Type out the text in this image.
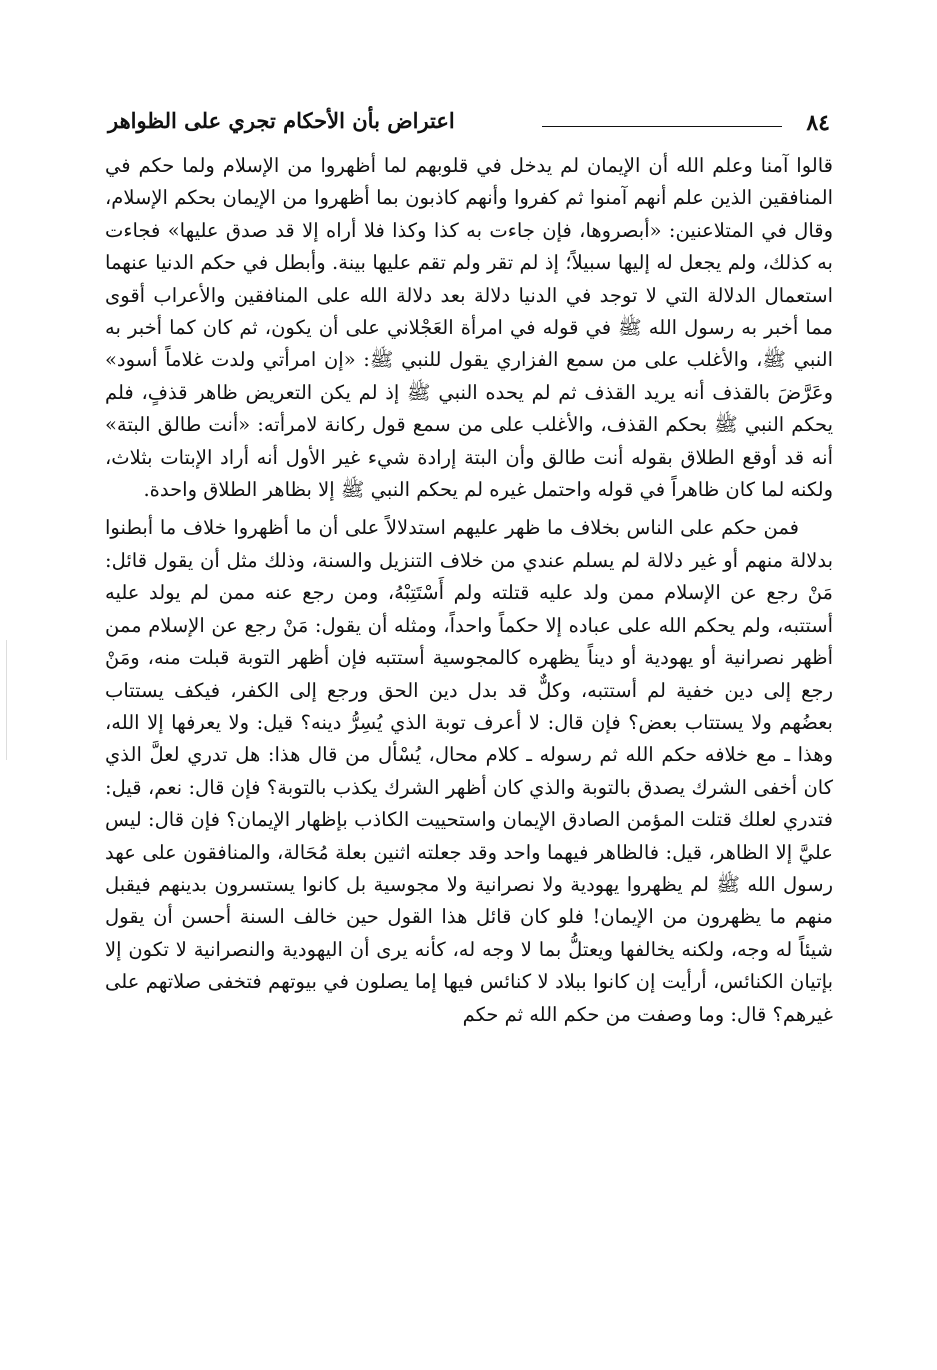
٨٤
اعتراض بأن الأحكام تجري على الظواهر

قالوا آمنا وعلم الله أن الإيمان لم يدخل في قلوبهم لما أظهروا من الإسلام ولما حكم في المنافقين الذين علم أنهم آمنوا ثم كفروا وأنهم كاذبون بما أظهروا من الإيمان بحكم الإسلام، وقال في المتلاعنين: «أبصروها، فإن جاءت به كذا وكذا فلا أراه إلا قد صدق عليها» فجاءت به كذلك، ولم يجعل له إليها سبيلاً؛ إذ لم تقر ولم تقم عليها بينة. وأبطل في حكم الدنيا عنهما استعمال الدلالة التي لا توجد في الدنيا دلالة بعد دلالة الله على المنافقين والأعراب أقوى مما أخبر به رسول الله ﷺ في قوله في امرأة العَجْلاني على أن يكون، ثم كان كما أخبر به النبي ﷺ، والأغلب على من سمع الفزاري يقول للنبي ﷺ: «إن امرأتي ولدت غلاماً أسود» وعَرَّضَ بالقذف أنه يريد القذف ثم لم يحده النبي ﷺ إذ لم يكن التعريض ظاهر قذفٍ، فلم يحكم النبي ﷺ بحكم القذف، والأغلب على من سمع قول ركانة لامرأته: «أنت طالق البتة» أنه قد أوقع الطلاق بقوله أنت طالق وأن البتة إرادة شيء غير الأول أنه أراد الإبتات بثلاث، ولكنه لما كان ظاهراً في قوله واحتمل غيره لم يحكم النبي ﷺ إلا بظاهر الطلاق واحدة.

فمن حكم على الناس بخلاف ما ظهر عليهم استدلالاً على أن ما أظهروا خلاف ما أبطنوا بدلالة منهم أو غير دلالة لم يسلم عندي من خلاف التنزيل والسنة، وذلك مثل أن يقول قائل: مَنْ رجع عن الإسلام ممن ولد عليه قتلته ولم أَسْتَتِبْهُ، ومن رجع عنه ممن لم يولد عليه أستتبه، ولم يحكم الله على عباده إلا حكماً واحداً، ومثله أن يقول: مَنْ رجع عن الإسلام ممن أظهر نصرانية أو يهودية أو ديناً يظهره كالمجوسية أستتبه فإن أظهر التوبة قبلت منه، ومَنْ رجع إلى دين خفية لم أستتبه، وكلٌّ قد بدل دين الحق ورجع إلى الكفر، فيكف يستتاب بعضُهم ولا يستتاب بعض؟ فإن قال: لا أعرف توبة الذي يُسِرُّ دينه؟ قيل: ولا يعرفها إلا الله، وهذا ـ مع خلافه حكم الله ثم رسوله ـ كلام محال، يُسْأل من قال هذا: هل تدري لعلَّ الذي كان أخفى الشرك يصدق بالتوبة والذي كان أظهر الشرك يكذب بالتوبة؟ فإن قال: نعم، قيل: فتدري لعلك قتلت المؤمن الصادق الإيمان واستحييت الكاذب بإظهار الإيمان؟ فإن قال: ليس عليَّ إلا الظاهر، قيل: فالظاهر فيهما واحد وقد جعلته اثنين بعلة مُحَالة، والمنافقون على عهد رسول الله ﷺ لم يظهروا يهودية ولا نصرانية ولا مجوسية بل كانوا يستسرون بدينهم فيقبل منهم ما يظهرون من الإيمان! فلو كان قائل هذا القول حين خالف السنة أحسن أن يقول شيئاً له وجه، ولكنه يخالفها ويعتلُّ بما لا وجه له، كأنه يرى أن اليهودية والنصرانية لا تكون إلا بإتيان الكنائس، أرأيت إن كانوا ببلاد لا كنائس فيها إما يصلون في بيوتهم فتخفى صلاتهم على غيرهم؟ قال: وما وصفت من حكم الله ثم حكم
